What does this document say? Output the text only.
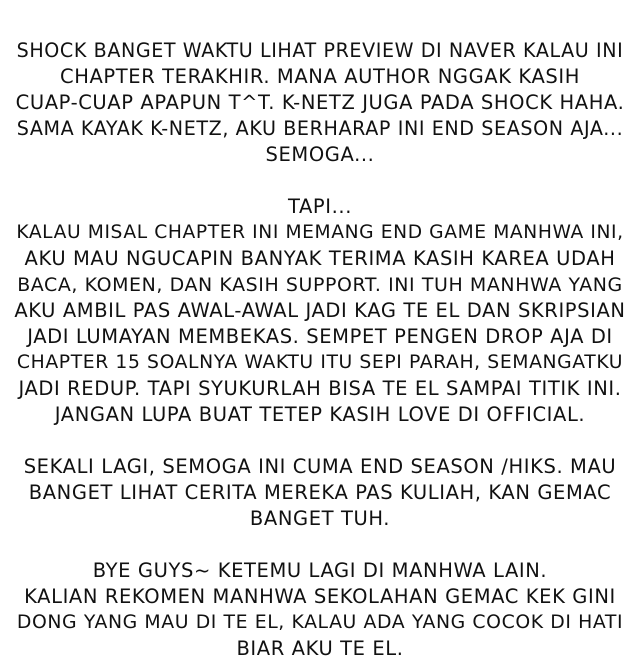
SHOCK BANGET WAKTU LIHAT PREVIEW DI NAVER KALAU INI
CHAPTER TERAKHIR. MANA AUTHOR NGGAK KASIH
CUAP-CUAP APAPUN T^T. K-NETZ JUGA PADA SHOCK HAHA.
SAMA KAYAK K-NETZ, AKU BERHARAP INI END SEASON AJA...
SEMOGA...

TAPI...
KALAU MISAL CHAPTER INI MEMANG END GAME MANHWA INI,
AKU MAU NGUCAPIN BANYAK TERIMA KASIH KAREA UDAH
BACA, KOMEN, DAN KASIH SUPPORT. INI TUH MANHWA YANG
AKU AMBIL PAS AWAL-AWAL JADI KAG TE EL DAN SKRIPSIAN
JADI LUMAYAN MEMBEKAS. SEMPET PENGEN DROP AJA DI
CHAPTER 15 SOALNYA WAKTU ITU SEPI PARAH, SEMANGATKU
JADI REDUP. TAPI SYUKURLAH BISA TE EL SAMPAI TITIK INI.
JANGAN LUPA BUAT TETEP KASIH LOVE DI OFFICIAL.

SEKALI LAGI, SEMOGA INI CUMA END SEASON /HIKS. MAU
BANGET LIHAT CERITA MEREKA PAS KULIAH, KAN GEMAC
BANGET TUH.

BYE GUYS~ KETEMU LAGI DI MANHWA LAIN.
KALIAN REKOMEN MANHWA SEKOLAHAN GEMAC KEK GINI
DONG YANG MAU DI TE EL, KALAU ADA YANG COCOK DI HATI
BIAR AKU TE EL.
